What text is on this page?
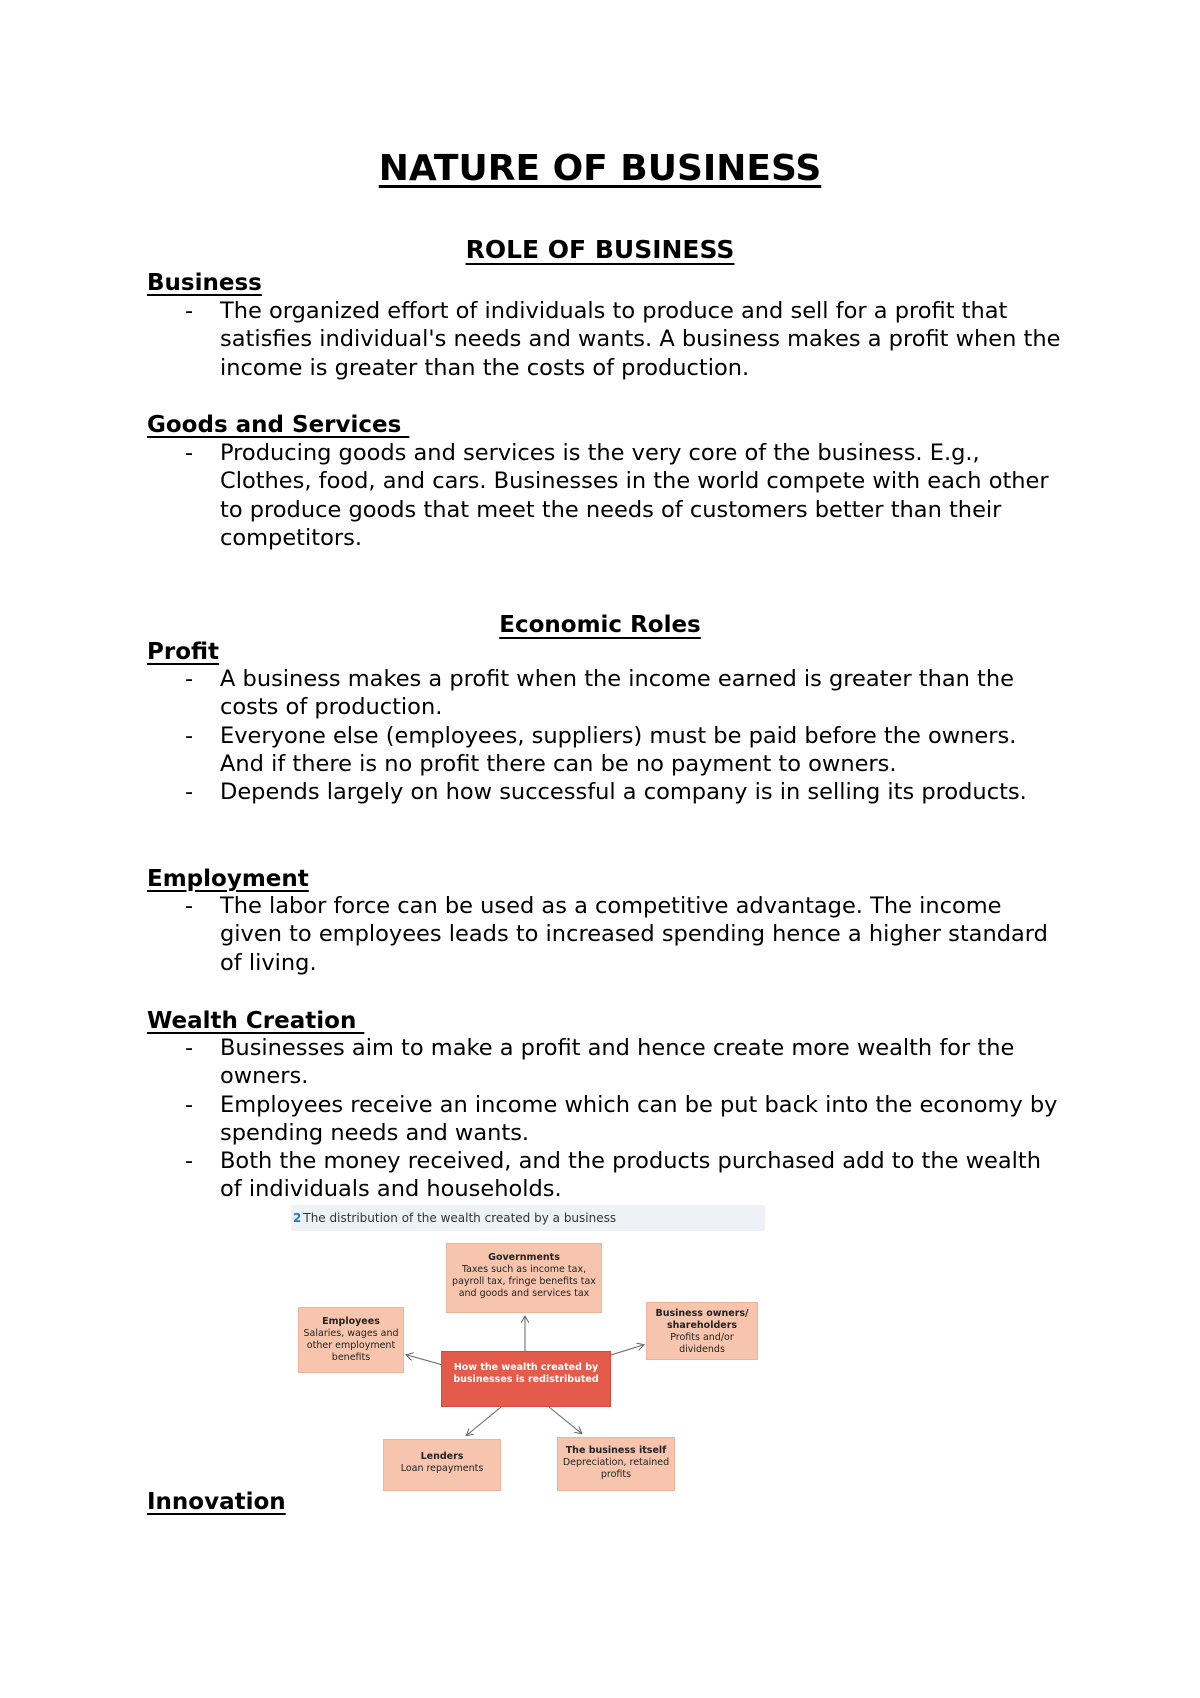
NATURE OF BUSINESS
ROLE OF BUSINESS
Business
- The organized effort of individuals to produce and sell for a profit that satisfies individual's needs and wants. A business makes a profit when the income is greater than the costs of production.
Goods and Services
- Producing goods and services is the very core of the business. E.g., Clothes, food, and cars. Businesses in the world compete with each other to produce goods that meet the needs of customers better than their competitors.
Economic Roles
Profit
- A business makes a profit when the income earned is greater than the costs of production.
- Everyone else (employees, suppliers) must be paid before the owners. And if there is no profit there can be no payment to owners.
- Depends largely on how successful a company is in selling its products.
Employment
- The labor force can be used as a competitive advantage. The income given to employees leads to increased spending hence a higher standard of living.
Wealth Creation
- Businesses aim to make a profit and hence create more wealth for the owners.
- Employees receive an income which can be put back into the economy by spending needs and wants.
- Both the money received, and the products purchased add to the wealth of individuals and households.
2 The distribution of the wealth created by a business
Governments
Taxes such as income tax, payroll tax, fringe benefits tax and goods and services tax
Employees
Salaries, wages and other employment benefits
Business owners/ shareholders
Profits and/or dividends
How the wealth created by businesses is redistributed
Lenders
Loan repayments
The business itself
Depreciation, retained profits
Innovation
